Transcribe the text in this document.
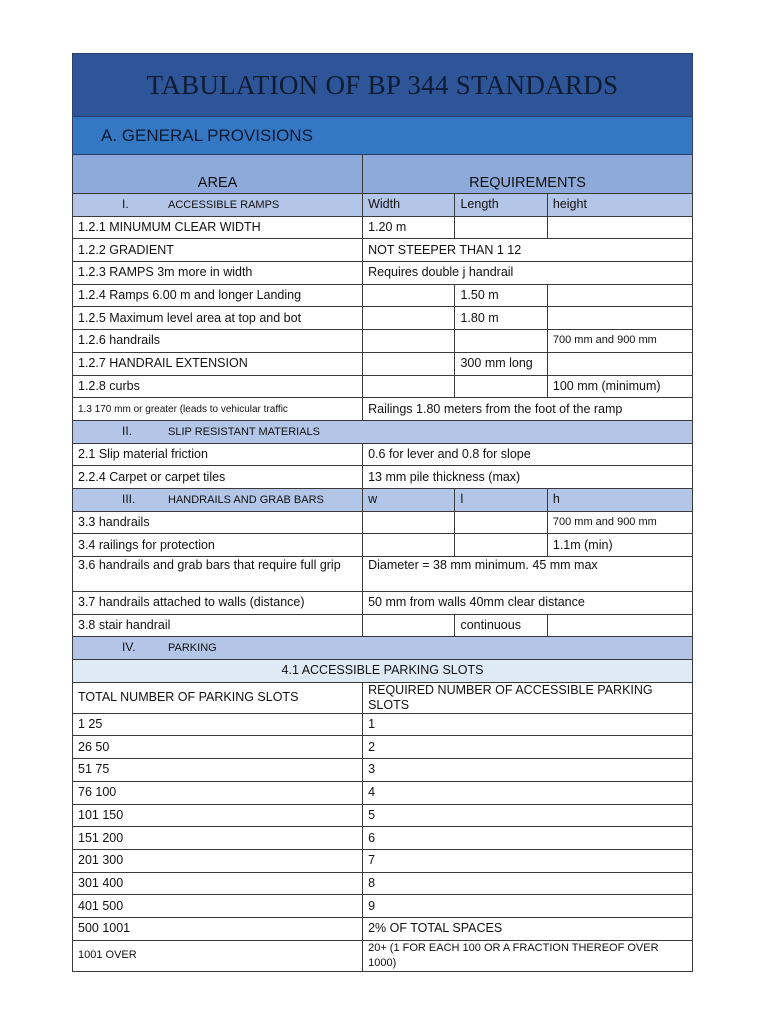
TABULATION OF BP 344 STANDARDS			
A. GENERAL PROVISIONS			
AREA	REQUIREMENTS		
I. ACCESSIBLE RAMPS	Width	Length	height
1.2.1 MINUMUM CLEAR WIDTH	1.20 m		
1.2.2 GRADIENT	NOT STEEPER THAN 1 12		
1.2.3 RAMPS 3m more in width	Requires double j handrail		
1.2.4 Ramps 6.00 m and longer Landing		1.50 m	
1.2.5 Maximum level area at top and bot		1.80 m	
1.2.6 handrails			700 mm and 900 mm
1.2.7 HANDRAIL EXTENSION		300 mm long	
1.2.8 curbs			100 mm (minimum)
1.3 170 mm or greater (leads to vehicular traffic	Railings 1.80 meters from the foot of the ramp		
II. SLIP RESISTANT MATERIALS			
2.1 Slip material friction	0.6 for lever and 0.8 for slope		
2.2.4 Carpet or carpet tiles	13 mm pile thickness (max)		
III. HANDRAILS AND GRAB BARS	w	l	h
3.3 handrails			700 mm and 900 mm
3.4 railings for protection			1.1m (min)
3.6 handrails and grab bars that require full grip	Diameter = 38 mm minimum. 45 mm max		
3.7 handrails attached to walls (distance)	50 mm from walls 40mm clear distance		
3.8 stair handrail		continuous	
IV. PARKING			
4.1 ACCESSIBLE PARKING SLOTS			
TOTAL NUMBER OF PARKING SLOTS	REQUIRED NUMBER OF ACCESSIBLE PARKING SLOTS		
1 25	1		
26 50	2		
51 75	3		
76 100	4		
101 150	5		
151 200	6		
201 300	7		
301 400	8		
401 500	9		
500 1001	2% OF TOTAL SPACES		
1001 OVER	20+ (1 FOR EACH 100 OR A FRACTION THEREOF OVER 1000)		
